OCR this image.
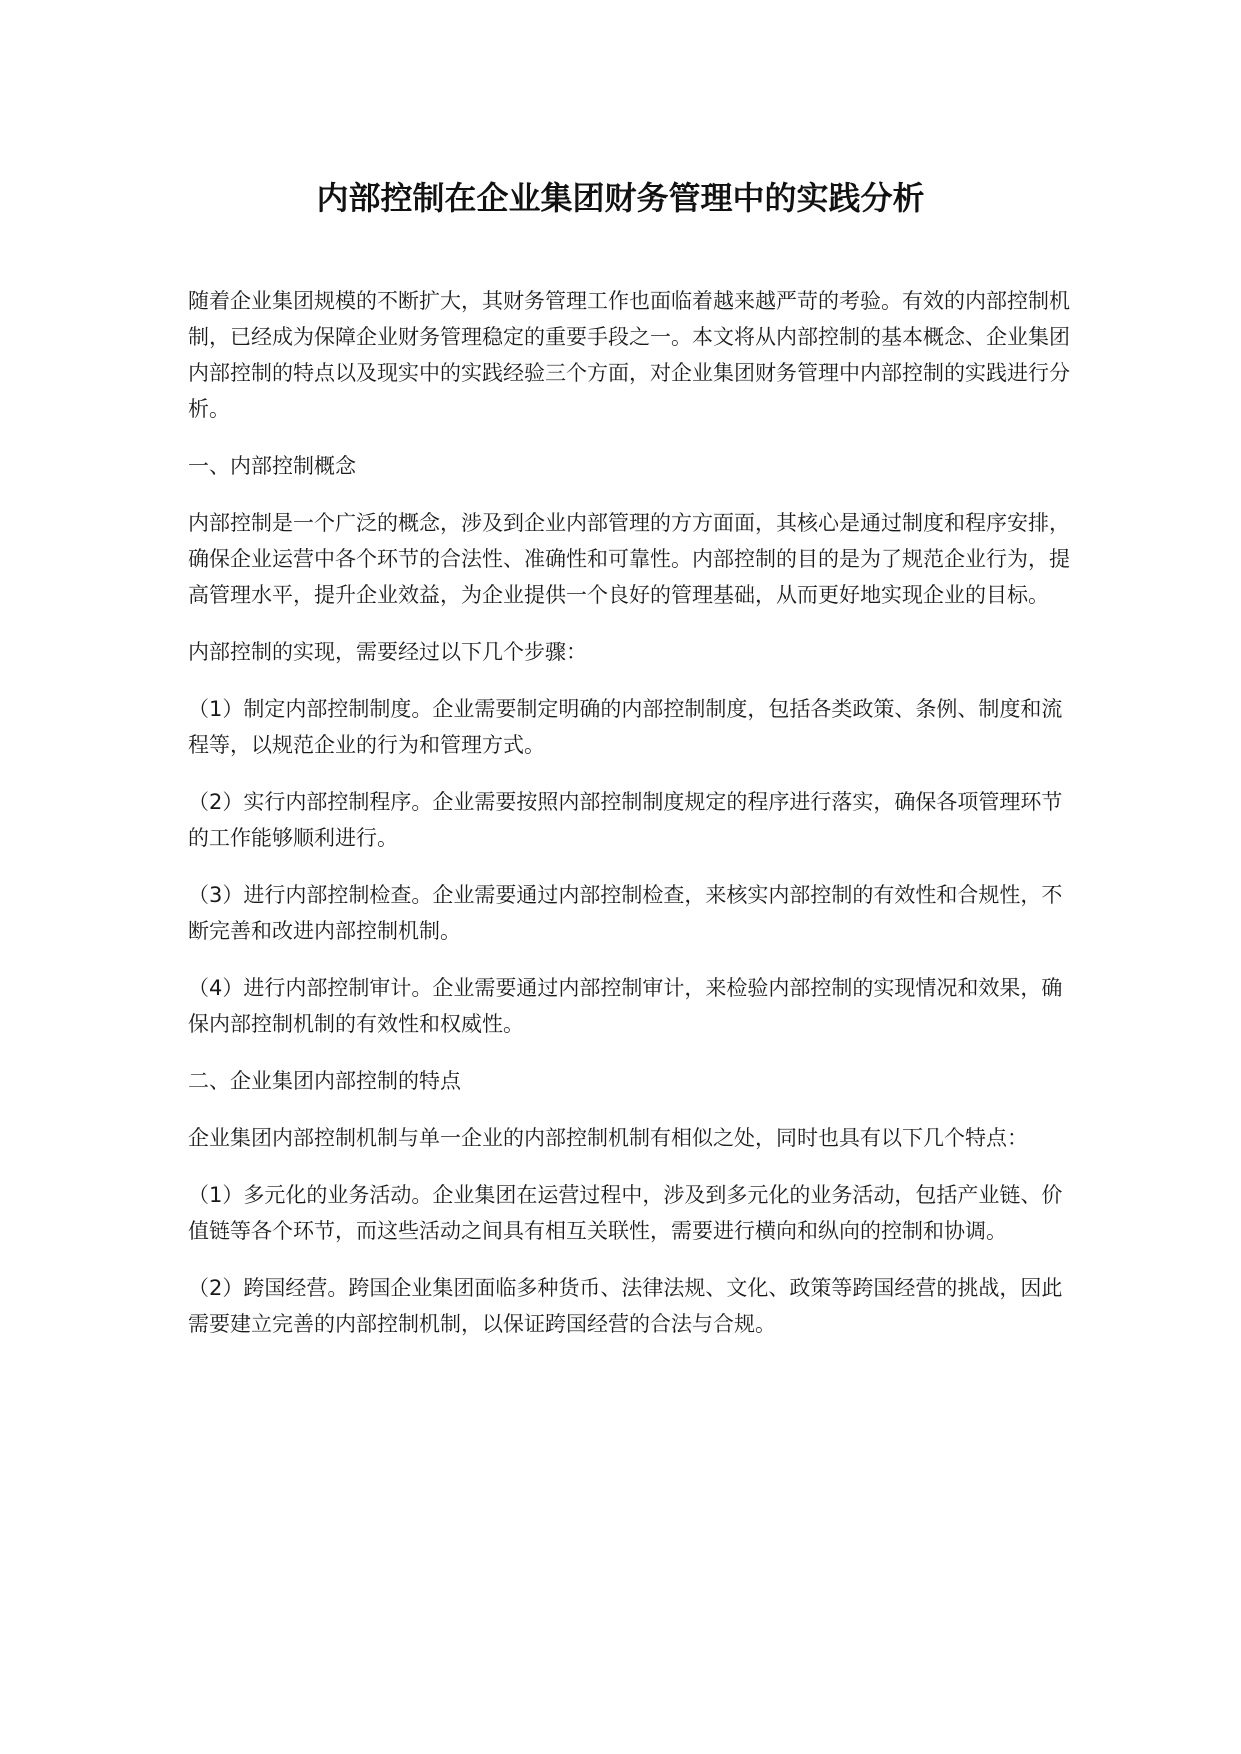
内部控制在企业集团财务管理中的实践分析

随着企业集团规模的不断扩大，其财务管理工作也面临着越来越严苛的考验。有效的内部控制机制，已经成为保障企业财务管理稳定的重要手段之一。本文将从内部控制的基本概念、企业集团内部控制的特点以及现实中的实践经验三个方面，对企业集团财务管理中内部控制的实践进行分析。

一、内部控制概念

内部控制是一个广泛的概念，涉及到企业内部管理的方方面面，其核心是通过制度和程序安排，确保企业运营中各个环节的合法性、准确性和可靠性。内部控制的目的是为了规范企业行为，提高管理水平，提升企业效益，为企业提供一个良好的管理基础，从而更好地实现企业的目标。

内部控制的实现，需要经过以下几个步骤：

（1）制定内部控制制度。企业需要制定明确的内部控制制度，包括各类政策、条例、制度和流程等，以规范企业的行为和管理方式。

（2）实行内部控制程序。企业需要按照内部控制制度规定的程序进行落实，确保各项管理环节的工作能够顺利进行。

（3）进行内部控制检查。企业需要通过内部控制检查，来核实内部控制的有效性和合规性，不断完善和改进内部控制机制。

（4）进行内部控制审计。企业需要通过内部控制审计，来检验内部控制的实现情况和效果，确保内部控制机制的有效性和权威性。

二、企业集团内部控制的特点

企业集团内部控制机制与单一企业的内部控制机制有相似之处，同时也具有以下几个特点：

（1）多元化的业务活动。企业集团在运营过程中，涉及到多元化的业务活动，包括产业链、价值链等各个环节，而这些活动之间具有相互关联性，需要进行横向和纵向的控制和协调。

（2）跨国经营。跨国企业集团面临多种货币、法律法规、文化、政策等跨国经营的挑战，因此需要建立完善的内部控制机制，以保证跨国经营的合法与合规。
